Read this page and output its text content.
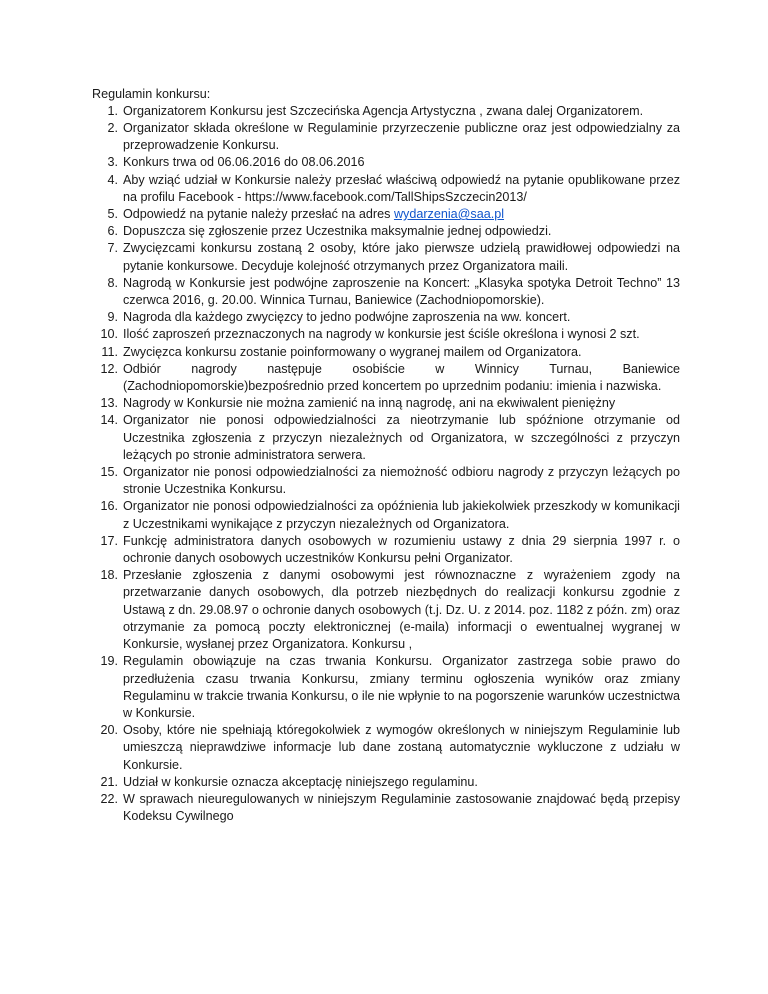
Regulamin konkursu:
1. Organizatorem Konkursu jest Szczecińska Agencja Artystyczna , zwana dalej Organizatorem.
2. Organizator składa określone w Regulaminie przyrzeczenie publiczne oraz jest odpowiedzialny za przeprowadzenie Konkursu.
3. Konkurs trwa od 06.06.2016 do 08.06.2016
4. Aby wziąć udział w Konkursie należy przesłać właściwą odpowiedź na pytanie opublikowane przez na profilu Facebook - https://www.facebook.com/TallShipsSzczecin2013/
5. Odpowiedź na pytanie należy przesłać na adres wydarzenia@saa.pl
6. Dopuszcza się zgłoszenie przez Uczestnika maksymalnie jednej odpowiedzi.
7. Zwycięzcami konkursu zostaną 2 osoby, które jako pierwsze udzielą prawidłowej odpowiedzi na pytanie konkursowe. Decyduje kolejność otrzymanych przez Organizatora maili.
8. Nagrodą w Konkursie jest podwójne zaproszenie na Koncert: „Klasyka spotyka Detroit Techno” 13 czerwca 2016, g. 20.00. Winnica Turnau, Baniewice (Zachodniopomorskie).
9. Nagroda dla każdego zwycięzcy to jedno podwójne zaproszenia na ww. koncert.
10. Ilość zaproszeń przeznaczonych na nagrody w konkursie jest ściśle określona i wynosi 2 szt.
11. Zwycięzca konkursu zostanie poinformowany o wygranej mailem od Organizatora.
12. Odbiór nagrody następuje osobiście w Winnicy Turnau, Baniewice (Zachodniopomorskie)bezpośrednio przed koncertem po uprzednim podaniu: imienia i nazwiska.
13. Nagrody w Konkursie nie można zamienić na inną nagrodę, ani na ekwiwalent pieniężny
14. Organizator nie ponosi odpowiedzialności za nieotrzymanie lub spóźnione otrzymanie od Uczestnika zgłoszenia z przyczyn niezależnych od Organizatora, w szczególności z przyczyn leżących po stronie administratora serwera.
15. Organizator nie ponosi odpowiedzialności za niemożność odbioru nagrody z przyczyn leżących po stronie Uczestnika Konkursu.
16. Organizator nie ponosi odpowiedzialności za opóźnienia lub jakiekolwiek przeszkody w komunikacji z Uczestnikami wynikające z przyczyn niezależnych od Organizatora.
17. Funkcję administratora danych osobowych w rozumieniu ustawy z dnia 29 sierpnia 1997 r. o ochronie danych osobowych uczestników Konkursu pełni Organizator.
18. Przesłanie zgłoszenia z danymi osobowymi jest równoznaczne z wyrażeniem zgody na przetwarzanie danych osobowych, dla potrzeb niezbędnych do realizacji konkursu zgodnie z Ustawą z dn. 29.08.97 o ochronie danych osobowych (t.j. Dz. U. z 2014. poz. 1182 z późn. zm) oraz otrzymanie za pomocą poczty elektronicznej (e-maila) informacji o ewentualnej wygranej w Konkursie, wysłanej przez Organizatora. Konkursu ,
19. Regulamin obowiązuje na czas trwania Konkursu. Organizator zastrzega sobie prawo do przedłużenia czasu trwania Konkursu, zmiany terminu ogłoszenia wyników oraz zmiany Regulaminu w trakcie trwania Konkursu, o ile nie wpłynie to na pogorszenie warunków uczestnictwa w Konkursie.
20. Osoby, które nie spełniają któregokolwiek z wymogów określonych w niniejszym Regulaminie lub umieszczą nieprawdziwe informacje lub dane zostaną automatycznie wykluczone z udziału w Konkursie.
21. Udział w konkursie oznacza akceptację niniejszego regulaminu.
22. W sprawach nieuregulowanych w niniejszym Regulaminie zastosowanie znajdować będą przepisy Kodeksu Cywilnego
